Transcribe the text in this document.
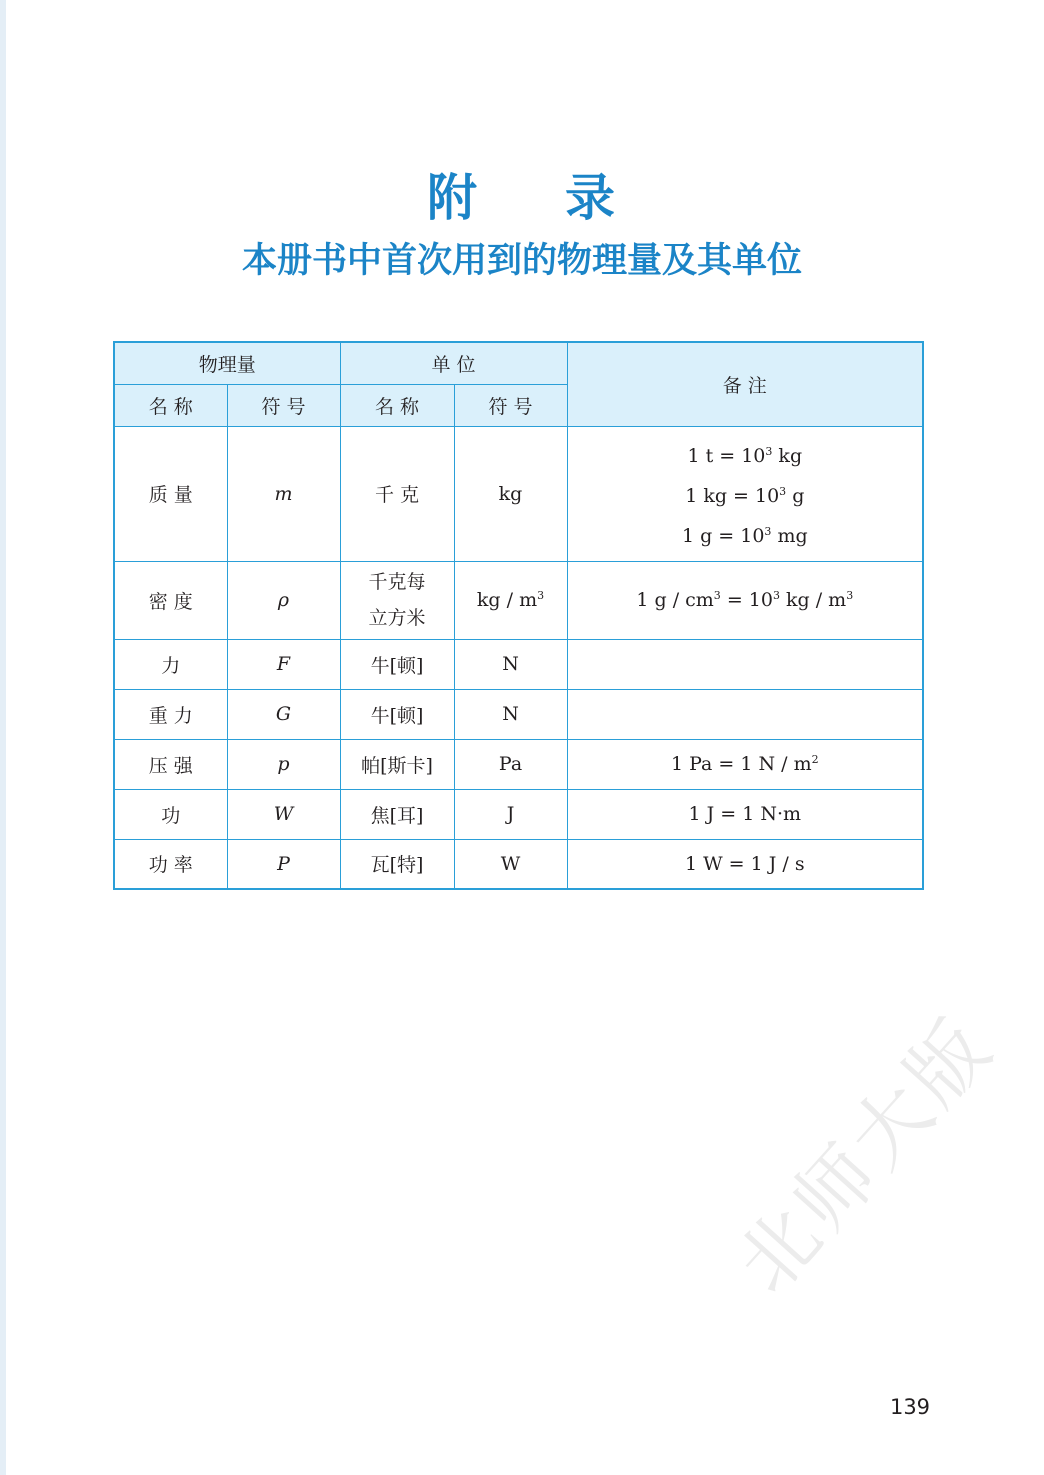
附 录
本册书中首次用到的物理量及其单位
物理量		单 位		备 注
名 称	符 号	名 称	符 号	
质 量	m	千 克	kg	1 $t = 10^3$ kg
1 kg = $10^3$ g
1 $g = 10^3$ mg

密 度	ρ	千克每
立方米	kg / $m^3$	1 $g / cm^3 = 10^3$ kg / $m^3$
力	F	牛[顿]	N	
重 力	G	牛[顿]	N	
压 强	p	帕[斯卡]	Pa	1 Pa = 1 N / $m^2$
功	W	焦[耳]	J	1 J = 1 N·m
功 率	P	瓦[特]	W	1 W = 1 J / s
北师大版
139
